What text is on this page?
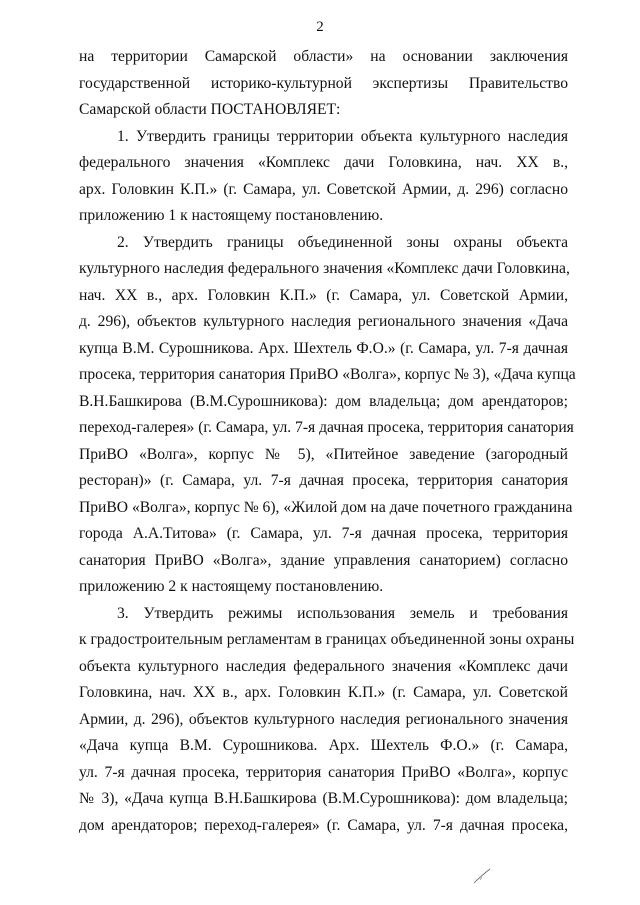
2
на территории Самарской области» на основании заключения
государственной историко-культурной экспертизы Правительство
Самарской области ПОСТАНОВЛЯЕТ:
1. Утвердить границы территории объекта культурного наследия
федерального значения «Комплекс дачи Головкина, нач. XX в.,
арх. Головкин К.П.» (г. Самара, ул. Советской Армии, д. 296) согласно
приложению 1 к настоящему постановлению.
2. Утвердить границы объединенной зоны охраны объекта
культурного наследия федерального значения «Комплекс дачи Головкина,
нач. XX в., арх. Головкин К.П.» (г. Самара, ул. Советской Армии,
д. 296), объектов культурного наследия регионального значения «Дача
купца В.М. Сурошникова. Арх. Шехтель Ф.О.» (г. Самара, ул. 7-я дачная
просека, территория санатория ПриВО «Волга», корпус № 3), «Дача купца
В.Н.Башкирова (В.М.Сурошникова): дом владельца; дом арендаторов;
переход-галерея» (г. Самара, ул. 7-я дачная просека, территория санатория
ПриВО «Волга», корпус № 5), «Питейное заведение (загородный
ресторан)» (г. Самара, ул. 7-я дачная просека, территория санатория
ПриВО «Волга», корпус № 6), «Жилой дом на даче почетного гражданина
города А.А.Титова» (г. Самара, ул. 7-я дачная просека, территория
санатория ПриВО «Волга», здание управления санаторием) согласно
приложению 2 к настоящему постановлению.
3. Утвердить режимы использования земель и требования
к градостроительным регламентам в границах объединенной зоны охраны
объекта культурного наследия федерального значения «Комплекс дачи
Головкина, нач. XX в., арх. Головкин К.П.» (г. Самара, ул. Советской
Армии, д. 296), объектов культурного наследия регионального значения
«Дача купца В.М. Сурошникова. Арх. Шехтель Ф.О.» (г. Самара,
ул. 7-я дачная просека, территория санатория ПриВО «Волга», корпус
№ 3), «Дача купца В.Н.Башкирова (В.М.Сурошникова): дом владельца;
дом арендаторов; переход-галерея» (г. Самара, ул. 7-я дачная просека,
